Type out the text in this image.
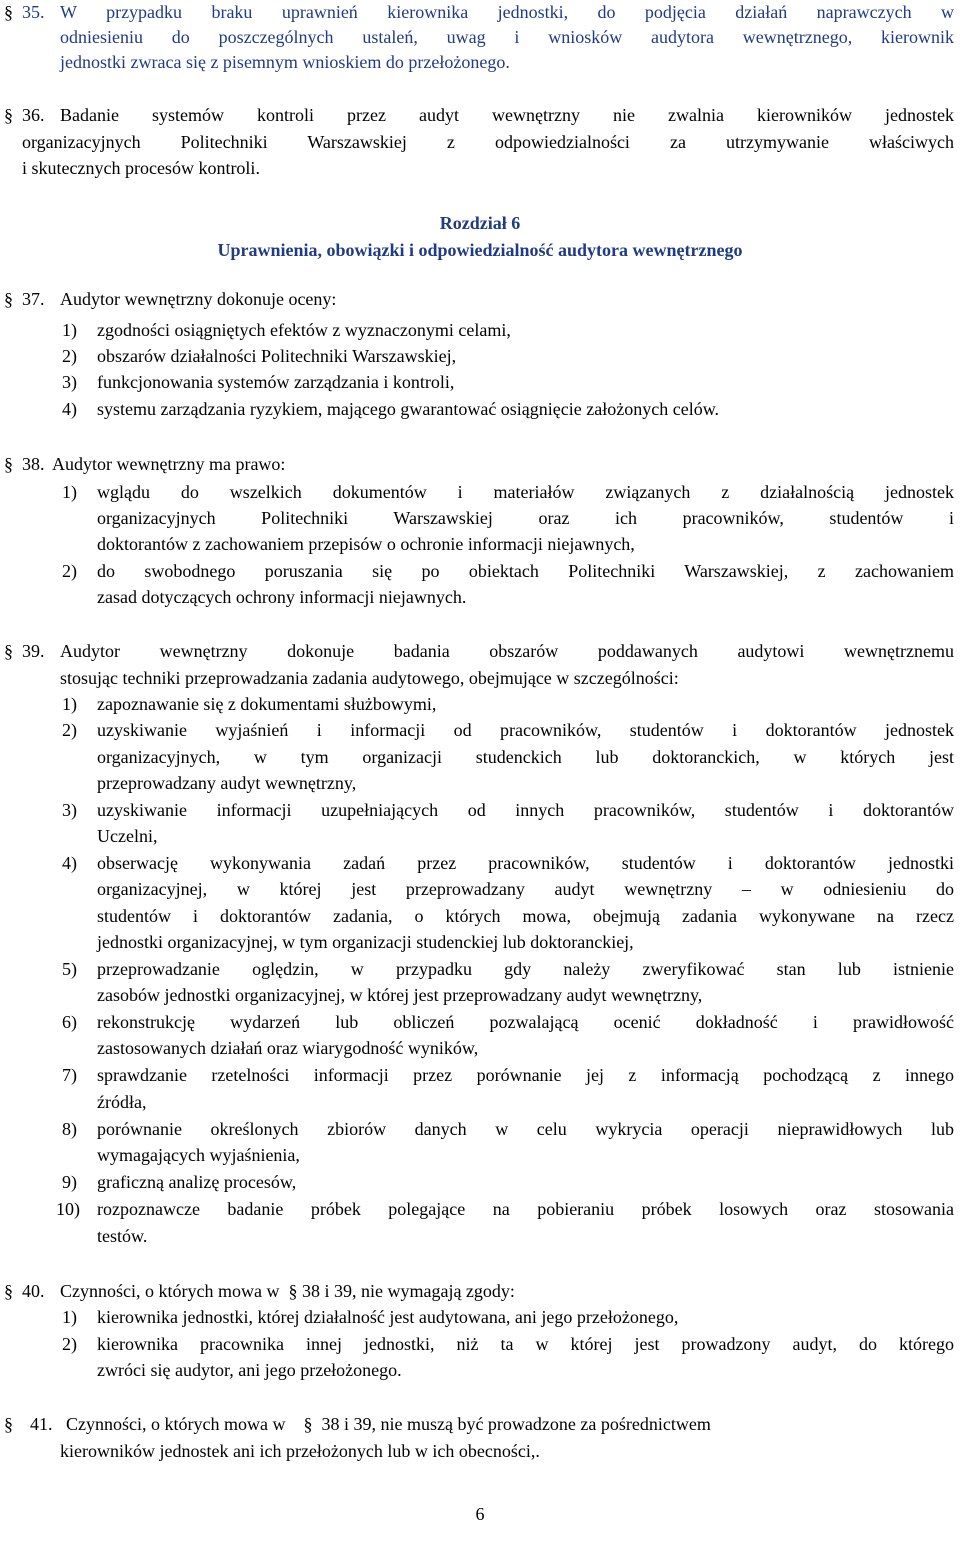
§ 35. W przypadku braku uprawnień kierownika jednostki, do podjęcia działań naprawczych w
odniesieniu do poszczególnych ustaleń, uwag i wniosków audytora wewnętrznego, kierownik
jednostki zwraca się z pisemnym wnioskiem do przełożonego.
§ 36. Badanie systemów kontroli przez audyt wewnętrzny nie zwalnia kierowników jednostek
organizacyjnych Politechniki Warszawskiej z odpowiedzialności za utrzymywanie właściwych
i skutecznych procesów kontroli.
Rozdział 6
Uprawnienia, obowiązki i odpowiedzialność audytora wewnętrznego
§ 37. Audytor wewnętrzny dokonuje oceny:
1) zgodności osiągniętych efektów z wyznaczonymi celami,
2) obszarów działalności Politechniki Warszawskiej,
3) funkcjonowania systemów zarządzania i kontroli,
4) systemu zarządzania ryzykiem, mającego gwarantować osiągnięcie założonych celów.
§ 38. Audytor wewnętrzny ma prawo:
1) wglądu do wszelkich dokumentów i materiałów związanych z działalnością jednostek
organizacyjnych Politechniki Warszawskiej oraz ich pracowników, studentów i
doktorantów z zachowaniem przepisów o ochronie informacji niejawnych,
2) do swobodnego poruszania się po obiektach Politechniki Warszawskiej, z zachowaniem
zasad dotyczących ochrony informacji niejawnych.
§ 39. Audytor wewnętrzny dokonuje badania obszarów poddawanych audytowi wewnętrznemu
stosując techniki przeprowadzania zadania audytowego, obejmujące w szczególności:
1) zapoznawanie się z dokumentami służbowymi,
2) uzyskiwanie wyjaśnień i informacji od pracowników, studentów i doktorantów jednostek
organizacyjnych, w tym organizacji studenckich lub doktoranckich, w których jest
przeprowadzany audyt wewnętrzny,
3) uzyskiwanie informacji uzupełniających od innych pracowników, studentów i doktorantów
Uczelni,
4) obserwację wykonywania zadań przez pracowników, studentów i doktorantów jednostki
organizacyjnej, w której jest przeprowadzany audyt wewnętrzny – w odniesieniu do
studentów i doktorantów zadania, o których mowa, obejmują zadania wykonywane na rzecz
jednostki organizacyjnej, w tym organizacji studenckiej lub doktoranckiej,
5) przeprowadzanie oględzin, w przypadku gdy należy zweryfikować stan lub istnienie
zasobów jednostki organizacyjnej, w której jest przeprowadzany audyt wewnętrzny,
6) rekonstrukcję wydarzeń lub obliczeń pozwalającą ocenić dokładność i prawidłowość
zastosowanych działań oraz wiarygodność wyników,
7) sprawdzanie rzetelności informacji przez porównanie jej z informacją pochodzącą z innego
źródła,
8) porównanie określonych zbiorów danych w celu wykrycia operacji nieprawidłowych lub
wymagających wyjaśnienia,
9) graficzną analizę procesów,
10) rozpoznawcze badanie próbek polegające na pobieraniu próbek losowych oraz stosowania
testów.
§ 40. Czynności, o których mowa w § 38 i 39, nie wymagają zgody:
1) kierownika jednostki, której działalność jest audytowana, ani jego przełożonego,
2) kierownika pracownika innej jednostki, niż ta w której jest prowadzony audyt, do którego
zwróci się audytor, ani jego przełożonego.
§ 41. Czynności, o których mowa w § 38 i 39, nie muszą być prowadzone za pośrednictwem
kierowników jednostek ani ich przełożonych lub w ich obecności,.
6
